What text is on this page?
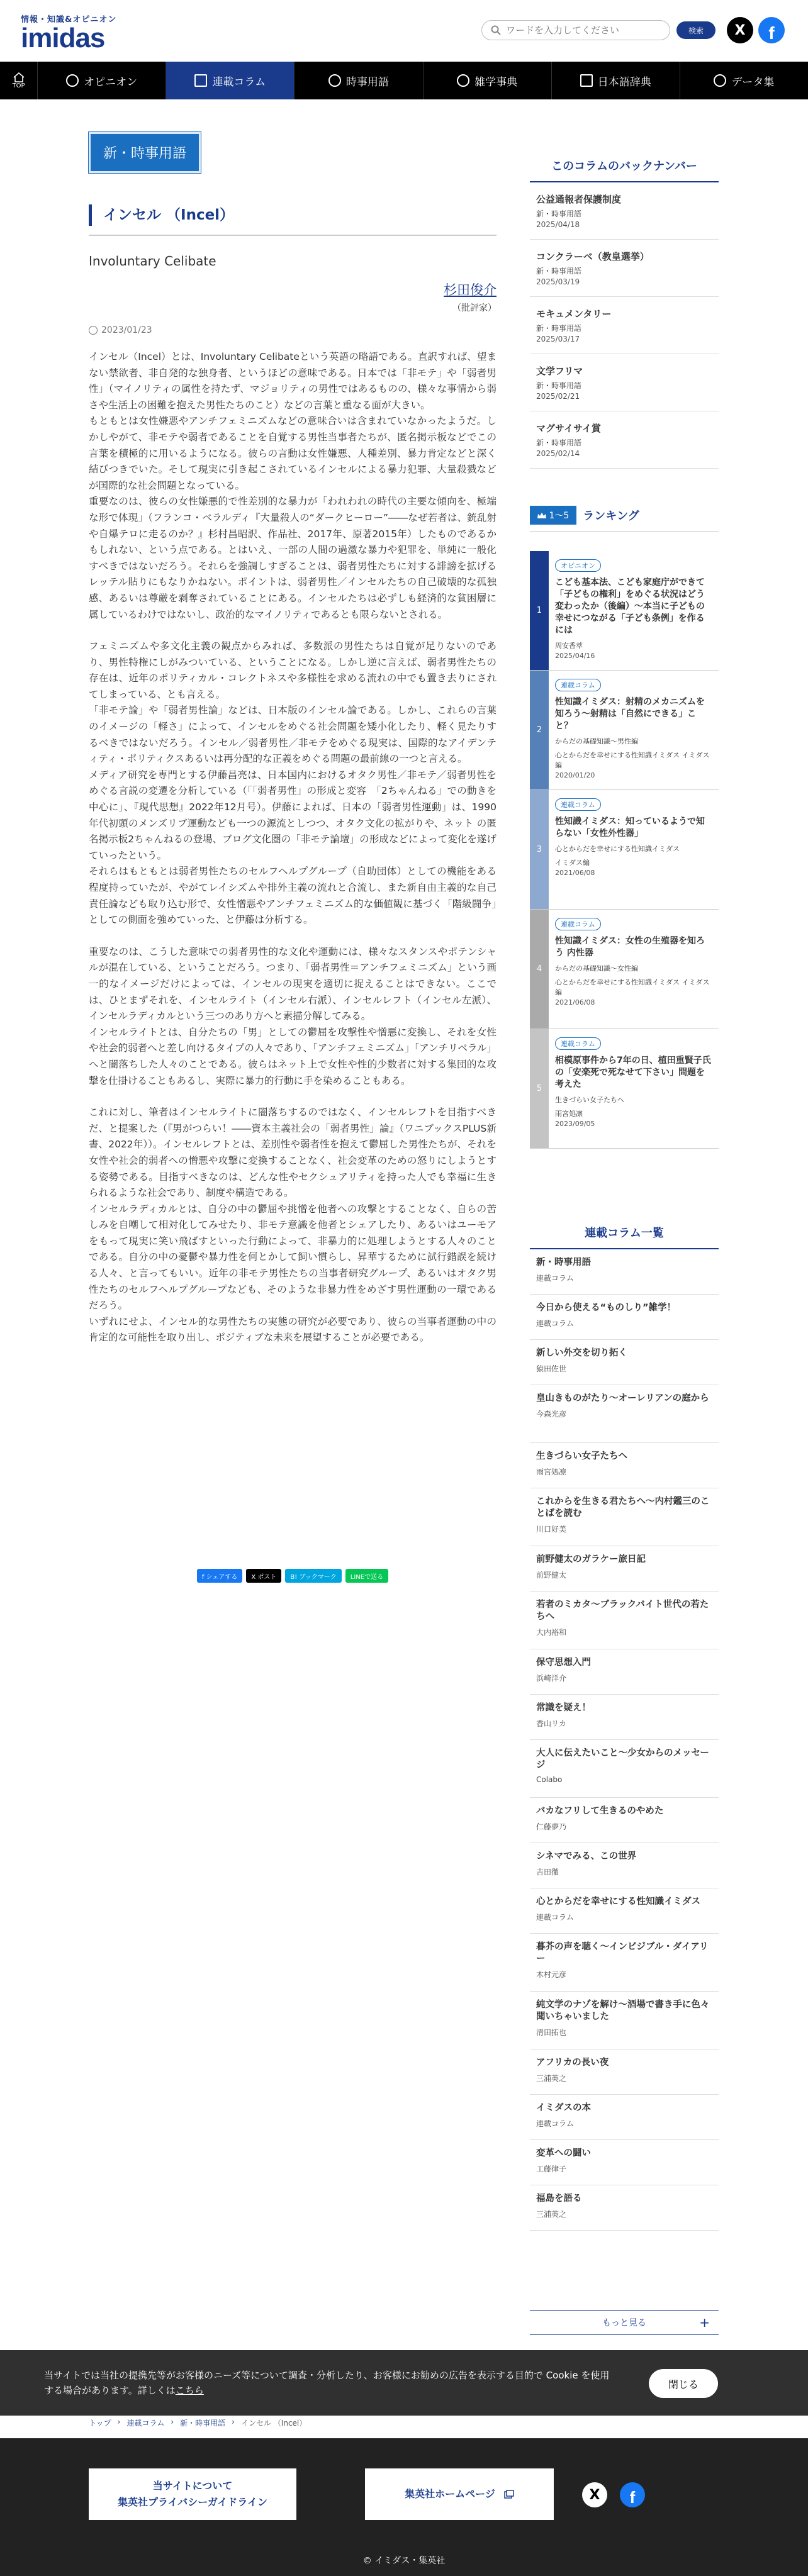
情報・知識&オピニオン
imidas
ワードを入力してください	検索	X	f
TOP	オピニオン	連載コラム	時事用語	雑学事典	日本語辞典	データ集
新・時事用語
インセル （Incel）
Involuntary Celibate
杉田俊介
（批評家）
2023/01/23

インセル（Incel）とは、Involuntary Celibateという英語の略語である。直訳すれば、望まない禁欲者、非自発的な独身者、というほどの意味である。日本では「非モテ」や「弱者男性」（マイノリティの属性を持たず、マジョリティの男性ではあるものの、様々な事情から弱さや生活上の困難を抱えた男性たちのこと）などの言葉と重なる面が大きい。

もともとは女性嫌悪やアンチフェミニズムなどの意味合いは含まれていなかったようだ。しかしやがて、非モテや弱者であることを自覚する男性当事者たちが、匿名掲示板などでこの言葉を積極的に用いるようになる。彼らの言動は女性嫌悪、人種差別、暴力肯定などと深く結びつきでいた。そして現実に引き起こされているインセルによる暴力犯罪、大量殺戮などが国際的な社会問題となっている。

重要なのは、彼らの女性嫌悪的で性差別的な暴力が「われわれの時代の主要な傾向を、極端な形で体現」（フランコ・ベラルディ『大量殺人の“ダークヒーロー”――なぜ若者は、銃乱射や自爆テロに走るのか？』杉村昌昭訳、作品社、2017年、原著2015年）したものであるかもしれない、という点である。とはいえ、一部の人間の過激な暴力や犯罪を、単純に一般化すべきではないだろう。それらを強調しすぎることは、弱者男性たちに対する誹謗を拡げるレッテル貼りにもなりかねない。ポイントは、弱者男性／インセルたちの自己破壊的な孤独感、あるいは尊厳を剥奪されていることにある。インセルたちは必ずしも経済的な貧困層に属しているわけではないし、政治的なマイノリティであるとも限らないとされる。

フェミニズムや多文化主義の観点からみれば、多数派の男性たちは自覚が足りないのであり、男性特権にしがみついている、ということになる。しかし逆に言えば、弱者男性たちの存在は、近年のポリティカル・コレクトネスや多様性を求める流れの中でも置き去りにされてしまっている、とも言える。

「非モテ論」や「弱者男性論」などは、日本版のインセル論である。しかし、これらの言葉のイメージの「軽さ」によって、インセルをめぐる社会問題を矮小化したり、軽く見たりするべきではないだろう。インセル／弱者男性／非モテをめぐる現実は、国際的なアイデンティティ・ポリティクスあるいは再分配的な正義をめぐる問題の最前線の一つと言える。

メディア研究を専門とする伊藤昌亮は、日本国内におけるオタク男性／非モテ／弱者男性をめぐる言説の変遷を分析している（「「弱者男性」の形成と変容　「2ちゃんねる」での動きを中心に」、『現代思想』2022年12月号）。伊藤によれば、日本の「弱者男性運動」は、1990年代初頭のメンズリブ運動なども一つの源流としつつ、オタク文化の拡がりや、ネット の匿名掲示板2ちゃんねるの登場、ブログ文化圏の「非モテ論壇」の形成などによって変化を遂げていったという。

それらはもともとは弱者男性たちのセルフヘルプグループ（自助団体）としての機能をある程度持っていたが、やがてレイシズムや排外主義の流れと合流し、また新自由主義的な自己責任論なども取り込む形で、女性憎悪やアンチフェミニズム的な価値観に基づく「階級闘争」としての側面を強めていった、と伊藤は分析する。

重要なのは、こうした意味での弱者男性的な文化や運動には、様々なスタンスやポテンシャルが混在している、ということだろう。つまり、「弱者男性＝アンチフェミニズム」という画一的なイメージだけによっては、インセルの現実を適切に捉えることはできない。ここでは、ひとまずそれを、インセルライト（インセル右派）、インセルレフト（インセル左派）、インセルラディカルという三つのあり方へと素描分解してみる。

インセルライトとは、自分たちの「男」としての鬱屈を攻撃性や憎悪に変換し、それを女性や社会的弱者へと差し向けるタイプの人々であり、「アンチフェミニズム」「アンチリベラル」へと闇落ちした人々のことである。彼らはネット上で女性や性的少数者に対する集団的な攻撃を仕掛けることもあるし、実際に暴力的行動に手を染めることもある。

これに対し、筆者はインセルライトに闇落ちするのではなく、インセルレフトを目指すべきだ、と提案した（『男がつらい！――資本主義社会の「弱者男性」論』（ワニブックスPLUS新書、2022年））。インセルレフトとは、差別性や弱者性を抱えて鬱屈した男性たちが、それを女性や社会的弱者への憎悪や攻撃に変換することなく、社会変革のための怒りにしようとする姿勢である。目指すべきなのは、どんな性やセクシュアリティを持った人でも幸福に生きられるような社会であり、制度や構造である。

インセルラディカルとは、自分の中の鬱屈や挑憎を他者への攻撃とすることなく、自らの苦しみを自嘲して相対化してみせたり、非モテ意識を他者とシェアしたり、あるいはユーモアをもって現実に笑い飛ばすといった行動によって、非暴力的に処理しようとする人々のことである。自分の中の憂鬱や暴力性を何とかして飼い慣らし、昇華するために試行錯誤を続ける人々、と言ってもいい。近年の非モテ男性たちの当事者研究グループ、あるいはオタク男性たちのセルフヘルプグループなども、そのような非暴力性をめざす男性運動の一環であるだろう。

いずれにせよ、インセル的な男性たちの実態の研究が必要であり、彼らの当事者運動の中の肯定的な可能性を取り出し、ポジティブな未来を展望することが必要である。

f シェアする	X ポスト	B! ブックマーク	LINEで送る
このコラムのバックナンバー
公益通報者保護制度
新・時事用語
2025/04/18
コンクラーベ（教皇選挙）
新・時事用語
2025/03/19
モキュメンタリー
新・時事用語
2025/03/17
文学フリマ
新・時事用語
2025/02/21
マグサイサイ賞
新・時事用語
2025/02/14
1〜5	ランキング
1
オピニオン
こども基本法、こども家庭庁ができて「子どもの権利」をめぐる状況はどう変わったか（後編）〜本当に子どもの幸せにつながる「子ども条例」を作るには
周安香萃
2025/04/16
2
連載コラム
性知識イミダス：射精のメカニズムを知ろう〜射精は「自然にできる」こと？
からだの基礎知識〜男性編
心とからだを幸せにする性知識イミダス イミダス編
2020/01/20
3
連載コラム
性知識イミダス：知っているようで知らない「女性外性器」
心とからだを幸せにする性知識イミダス
イミダス編
2021/06/08
4
連載コラム
性知識イミダス：女性の生殖器を知ろう 内性器
からだの基礎知識〜女性編
心とからだを幸せにする性知識イミダス イミダス編
2021/06/08
5
連載コラム
相模原事件から7年の日、植田重賢子氏の「安楽死で死なせて下さい」問題を考えた
生きづらい女子たちへ
雨宮処凛
2023/09/05
連載コラム一覧
新・時事用語
連載コラム
今日から使える“ものしり”雑学！
連載コラム
新しい外交を切り拓く
猿田佐世
皇山きものがたり〜オーレリアンの庭から
今森光彦
生きづらい女子たちへ
雨宮処凛
これからを生きる君たちへ〜内村鑑三のことばを読む
川口好美
前野健太のガラケー旅日記
前野健太
若者のミカタ〜ブラックバイト世代の若たちへ
大内裕和
保守思想入門
浜崎洋介
常識を疑え！
香山リカ
大人に伝えたいこと〜少女からのメッセージ
Colabo
バカなフリして生きるのやめた
仁藤夢乃
シネマでみる、この世界
吉田徹
心とからだを幸せにする性知識イミダス
連載コラム
暮芥の声を聴く〜インビジブル・ダイアリー
木村元彦
純文学のナゾを解け〜酒場で書き手に色々聞いちゃいました
清田拓也
アフリカの長い夜
三浦英之
イミダスの本
連載コラム
変革への闘い
工藤律子
福島を語る
三浦英之
もっと見る	+
当サイトでは当社の提携先等がお客様のニーズ等について調査・分析したり、お客様にお勧めの広告を表示する目的で Cookie を使用する場合があります。詳しくはこちら
閉じる
トップ › 連載コラム › 新・時事用語 › インセル （Incel）
当サイトについて
集英社プライバシーガイドライン
集英社ホームページ	X	f
© イミダス・集英社
